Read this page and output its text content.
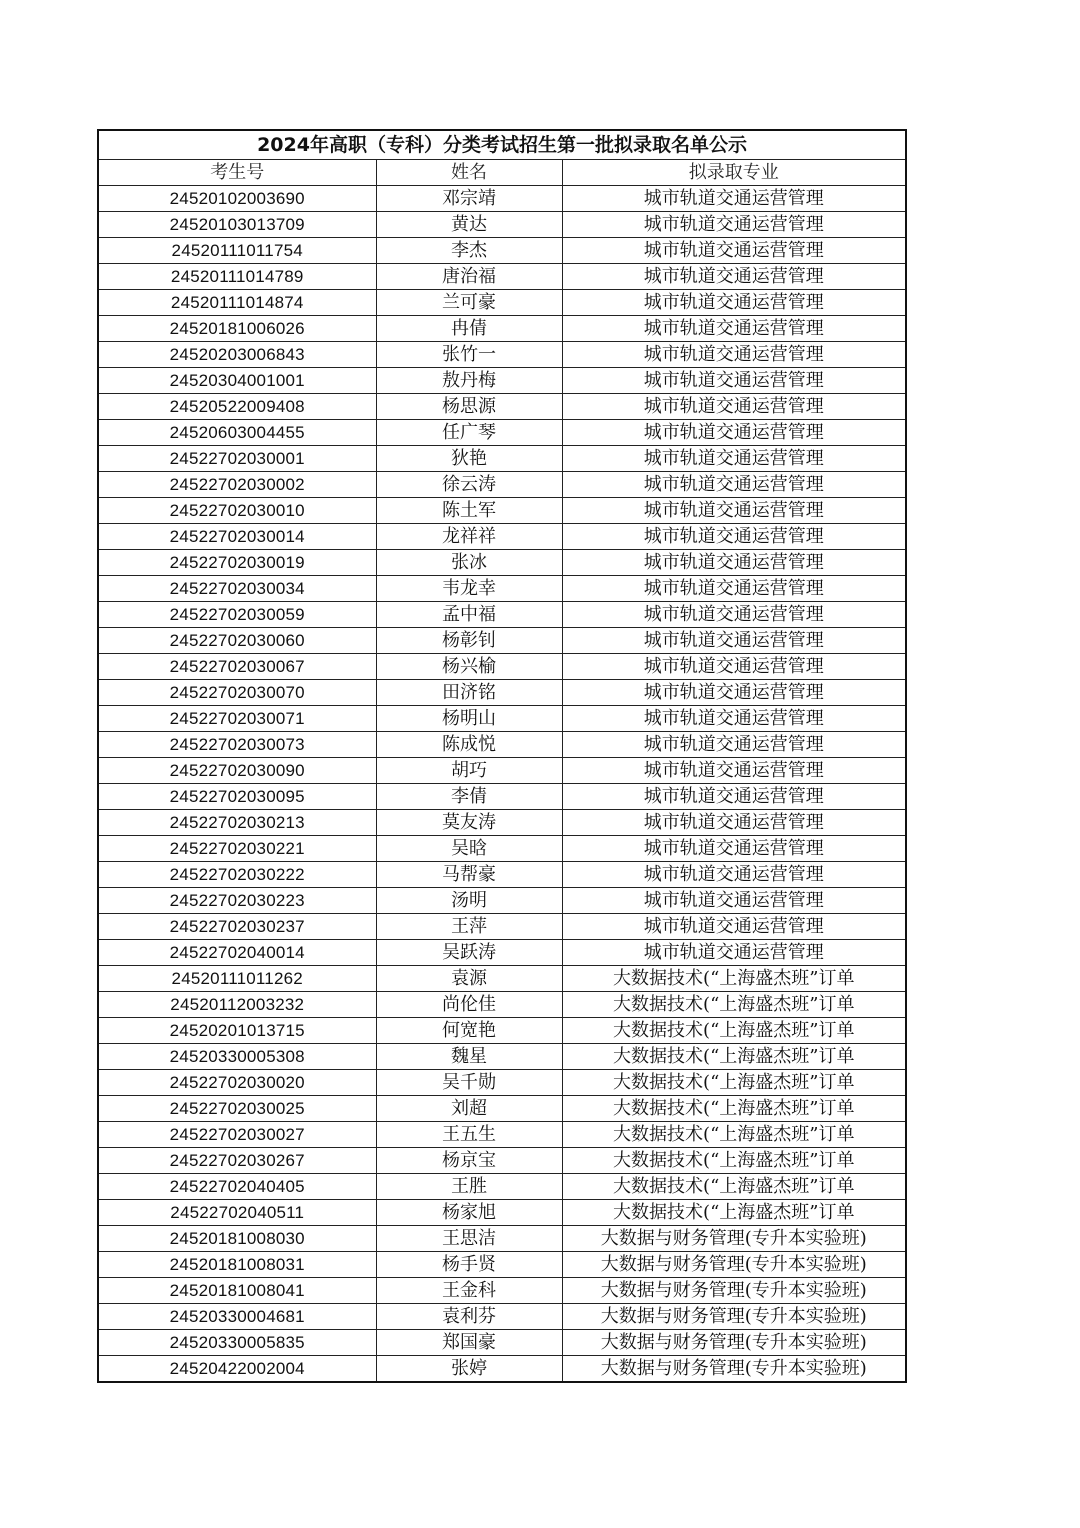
2024年高职（专科）分类考试招生第一批拟录取名单公示		
考生号	姓名	拟录取专业
24520102003690	邓宗靖	城市轨道交通运营管理
24520103013709	黄达	城市轨道交通运营管理
24520111011754	李杰	城市轨道交通运营管理
24520111014789	唐治福	城市轨道交通运营管理
24520111014874	兰可豪	城市轨道交通运营管理
24520181006026	冉倩	城市轨道交通运营管理
24520203006843	张竹一	城市轨道交通运营管理
24520304001001	敖丹梅	城市轨道交通运营管理
24520522009408	杨思源	城市轨道交通运营管理
24520603004455	任广琴	城市轨道交通运营管理
24522702030001	狄艳	城市轨道交通运营管理
24522702030002	徐云涛	城市轨道交通运营管理
24522702030010	陈土军	城市轨道交通运营管理
24522702030014	龙祥祥	城市轨道交通运营管理
24522702030019	张冰	城市轨道交通运营管理
24522702030034	韦龙幸	城市轨道交通运营管理
24522702030059	孟中福	城市轨道交通运营管理
24522702030060	杨彰钊	城市轨道交通运营管理
24522702030067	杨兴榆	城市轨道交通运营管理
24522702030070	田济铭	城市轨道交通运营管理
24522702030071	杨明山	城市轨道交通运营管理
24522702030073	陈成悦	城市轨道交通运营管理
24522702030090	胡巧	城市轨道交通运营管理
24522702030095	李倩	城市轨道交通运营管理
24522702030213	莫友涛	城市轨道交通运营管理
24522702030221	吴晗	城市轨道交通运营管理
24522702030222	马帮豪	城市轨道交通运营管理
24522702030223	汤明	城市轨道交通运营管理
24522702030237	王萍	城市轨道交通运营管理
24522702040014	吴跃涛	城市轨道交通运营管理
24520111011262	袁源	大数据技术(“上海盛杰班”订单
24520112003232	尚伦佳	大数据技术(“上海盛杰班”订单
24520201013715	何宽艳	大数据技术(“上海盛杰班”订单
24520330005308	魏星	大数据技术(“上海盛杰班”订单
24522702030020	吴千勋	大数据技术(“上海盛杰班”订单
24522702030025	刘超	大数据技术(“上海盛杰班”订单
24522702030027	王五生	大数据技术(“上海盛杰班”订单
24522702030267	杨京宝	大数据技术(“上海盛杰班”订单
24522702040405	王胜	大数据技术(“上海盛杰班”订单
24522702040511	杨家旭	大数据技术(“上海盛杰班”订单
24520181008030	王思洁	大数据与财务管理(专升本实验班)
24520181008031	杨手贤	大数据与财务管理(专升本实验班)
24520181008041	王金科	大数据与财务管理(专升本实验班)
24520330004681	袁利芬	大数据与财务管理(专升本实验班)
24520330005835	郑国豪	大数据与财务管理(专升本实验班)
24520422002004	张婷	大数据与财务管理(专升本实验班)
